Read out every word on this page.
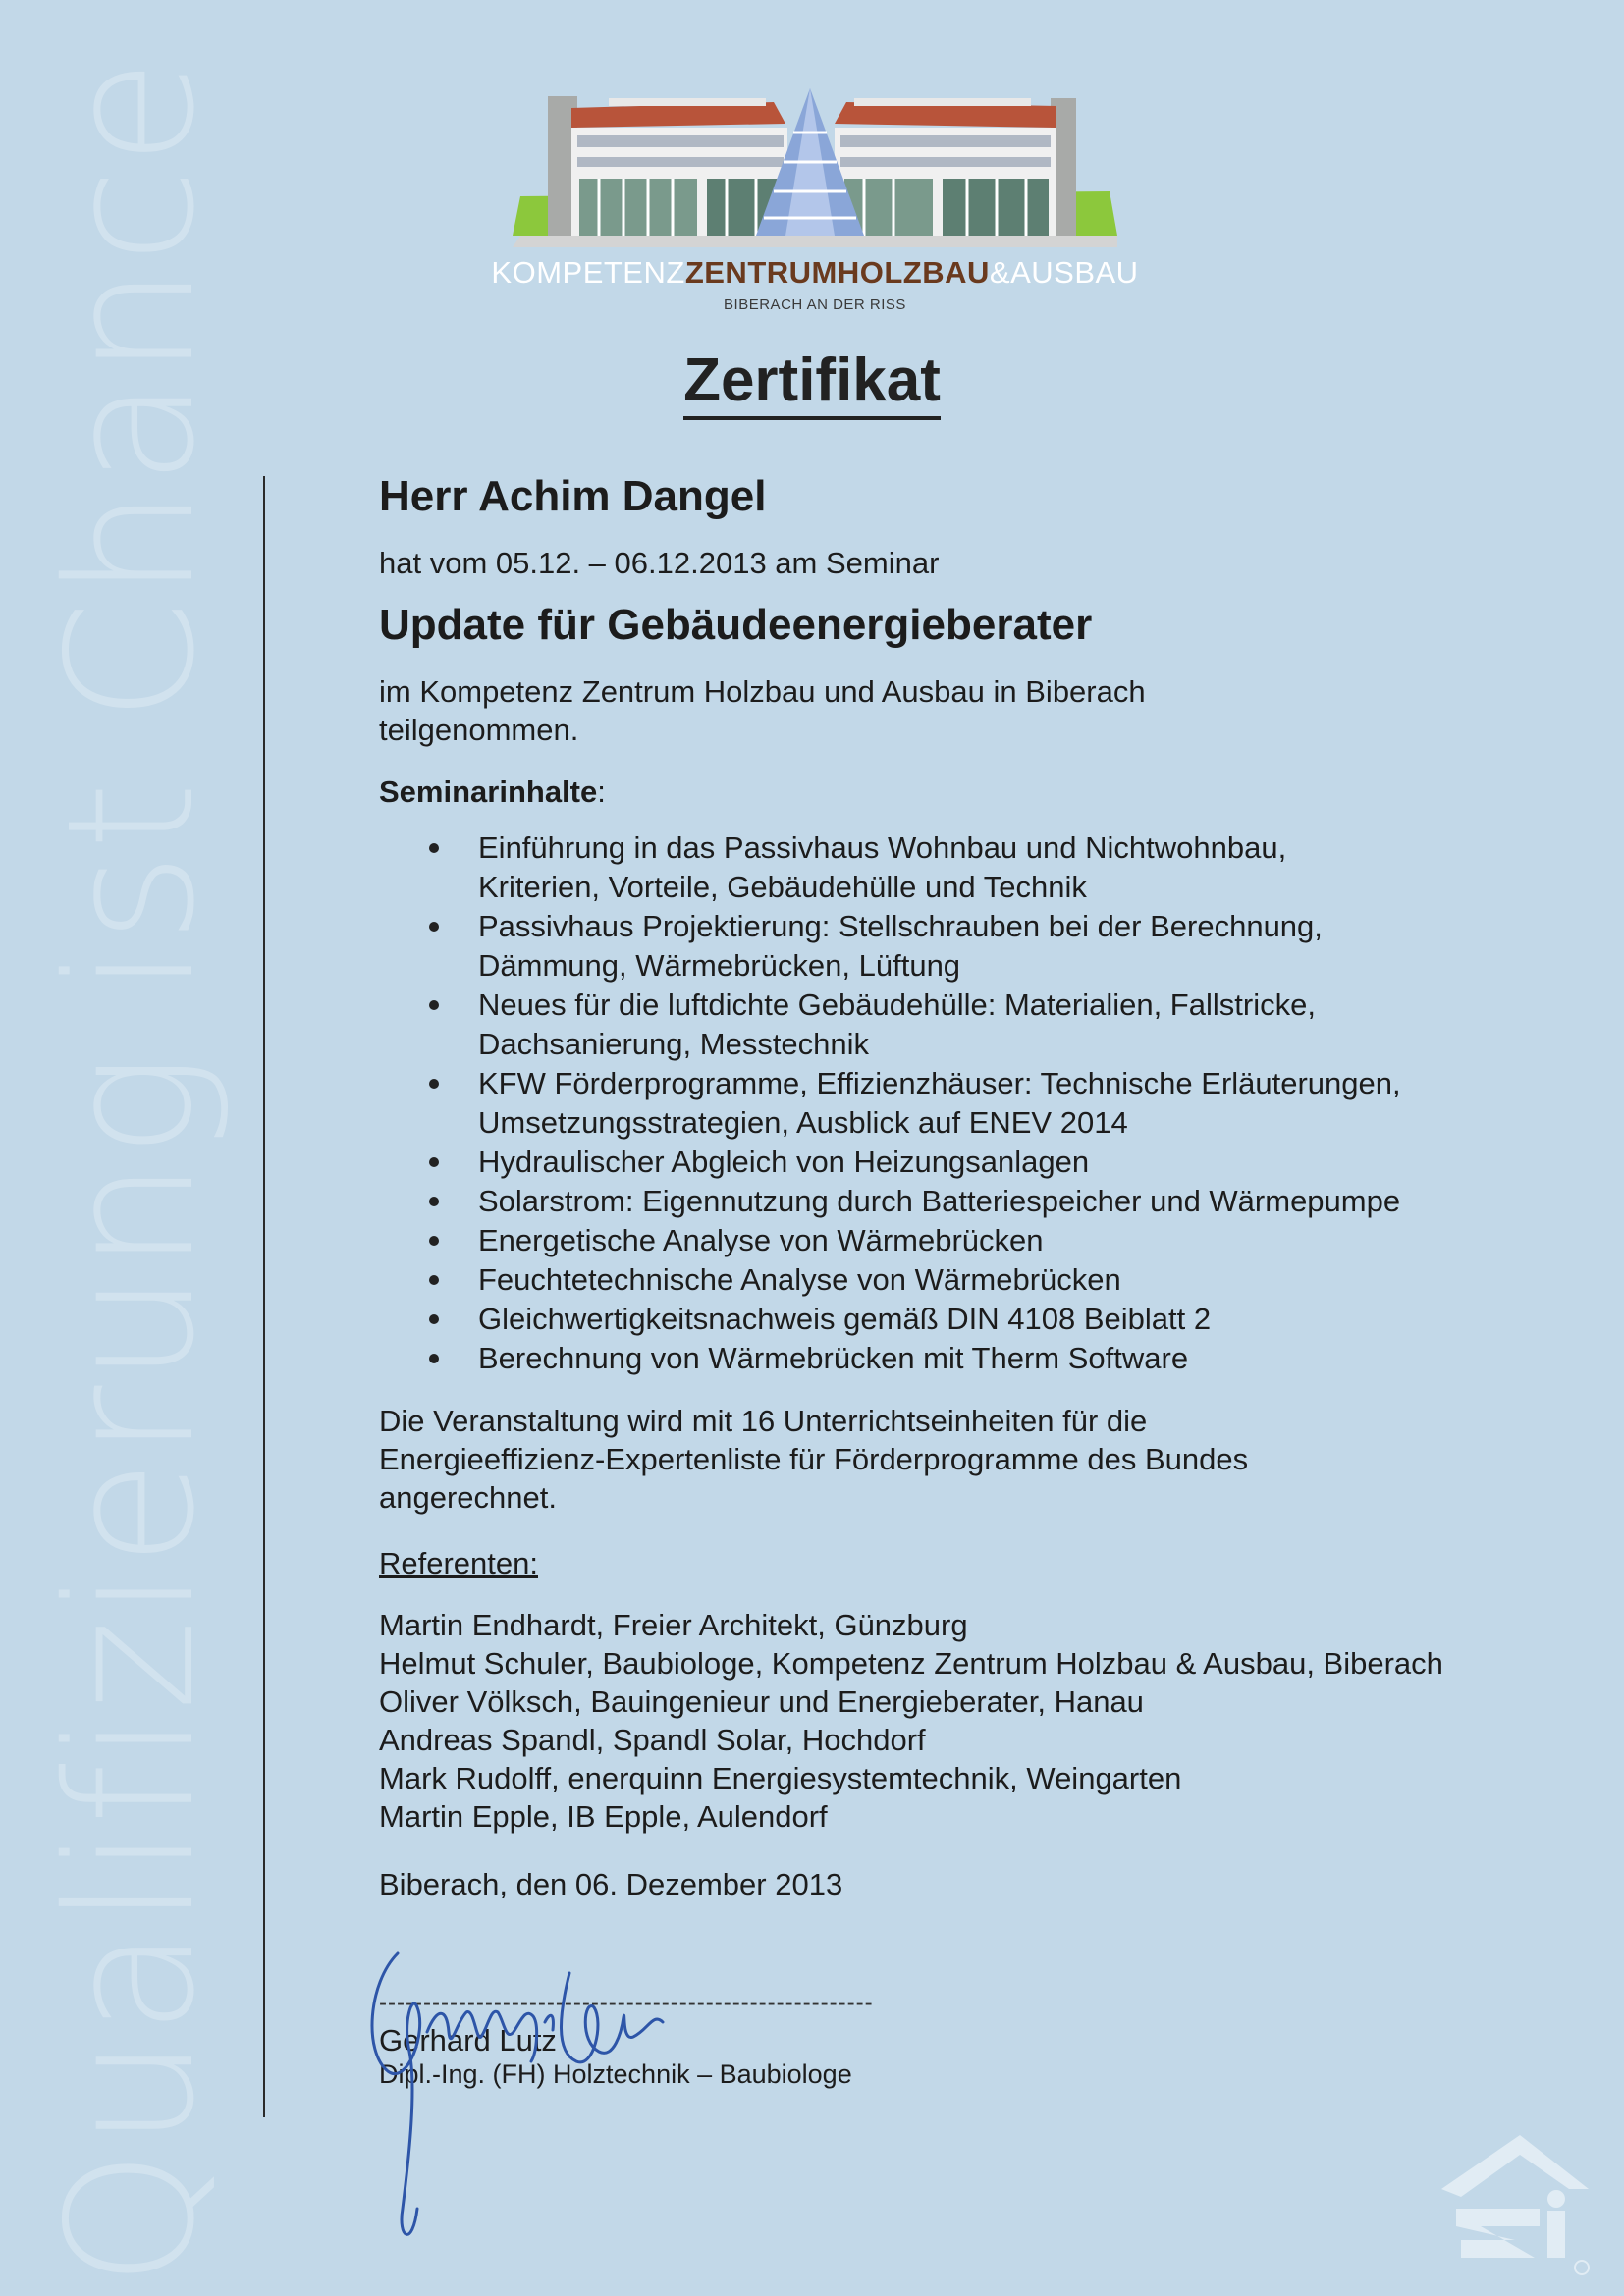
Qualifizierung ist Chance	KOMPETENZZENTRUMHOLZBAU&AUSBAU
BIBERACH AN DER RISS
Zertifikat
Herr Achim Dangel
hat vom 05.12. – 06.12.2013 am Seminar
Update für Gebäudeenergieberater
im Kompetenz Zentrum Holzbau und Ausbau in Biberach
teilgenommen.
Seminarinhalte:
Einführung in das Passivhaus Wohnbau und Nichtwohnbau,
Kriterien, Vorteile, Gebäudehülle und Technik
Passivhaus Projektierung: Stellschrauben bei der Berechnung,
Dämmung, Wärmebrücken, Lüftung
Neues für die luftdichte Gebäudehülle: Materialien, Fallstricke,
Dachsanierung, Messtechnik
KFW Förderprogramme, Effizienzhäuser: Technische Erläuterungen,
Umsetzungsstrategien, Ausblick auf ENEV 2014
Hydraulischer Abgleich von Heizungsanlagen
Solarstrom: Eigennutzung durch Batteriespeicher und Wärmepumpe
Energetische Analyse von Wärmebrücken
Feuchtetechnische Analyse von Wärmebrücken
Gleichwertigkeitsnachweis gemäß DIN 4108 Beiblatt 2
Berechnung von Wärmebrücken mit Therm Software
Die Veranstaltung wird mit 16 Unterrichtseinheiten für die
Energieeffizienz-Expertenliste für Förderprogramme des Bundes
angerechnet.
Referenten:
Martin Endhardt, Freier Architekt, Günzburg
Helmut Schuler, Baubiologe, Kompetenz Zentrum Holzbau & Ausbau, Biberach
Oliver Völksch, Bauingenieur und Energieberater, Hanau
Andreas Spandl, Spandl Solar, Hochdorf
Mark Rudolff, enerquinn Energiesystemtechnik, Weingarten
Martin Epple, IB Epple, Aulendorf
Biberach, den 06. Dezember 2013
--------------------------------------------------------
Gerhard Lutz
Dipl.-Ing. (FH) Holztechnik – Baubiologe
